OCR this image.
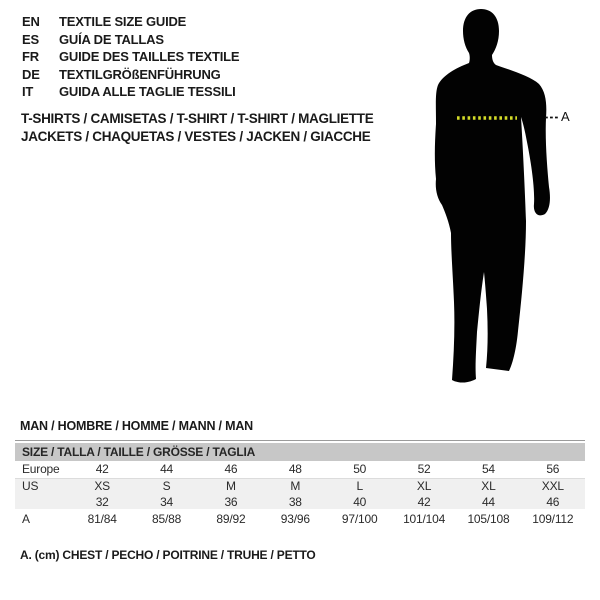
EN TEXTILE SIZE GUIDE
ES GUÍA DE TALLAS
FR GUIDE DES TAILLES TEXTILE
DE TEXTILGRÖßENFÜHRUNG
IT GUIDA ALLE TAGLIE TESSILI
T-SHIRTS / CAMISETAS / T-SHIRT / T-SHIRT / MAGLIETTE
JACKETS / CHAQUETAS / VESTES / JACKEN / GIACCHE
A
MAN / HOMBRE / HOMME / MANN / MAN
SIZE / TALLA / TAILLE / GRÖSSE / TAGLIA
Europe	42	44	46	48	50	52	54	56
US	XS	S	M	M	L	XL	XL	XXL
	32	34	36	38	40	42	44	46
A	81/84	85/88	89/92	93/96	97/100	101/104	105/108	109/112
A. (cm) CHEST / PECHO / POITRINE / TRUHE / PETTO
